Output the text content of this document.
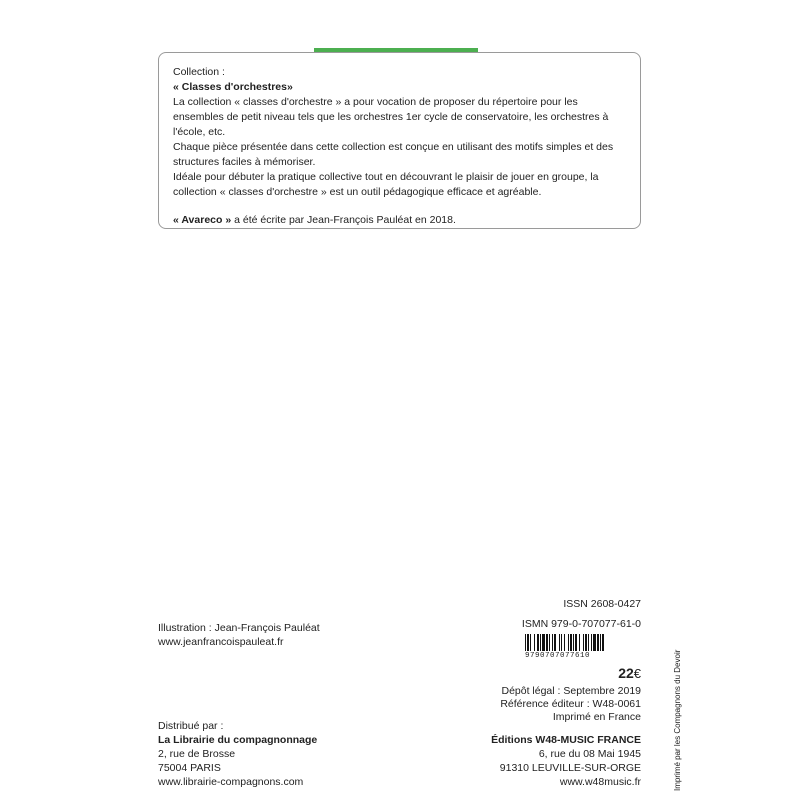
Collection :

« Classes d'orchestres»

La collection « classes d'orchestre » a pour vocation de proposer du répertoire pour les ensembles de petit niveau tels que les orchestres 1er cycle de conservatoire, les orchestres à l'école, etc.

Chaque pièce présentée dans cette collection est conçue en utilisant des motifs simples et des structures faciles à mémoriser.

Idéale pour débuter la pratique collective tout en découvrant le plaisir de jouer en groupe, la collection « classes d'orchestre » est un outil pédagogique efficace et agréable.

« Avareco » a été écrite par Jean-François Pauléat en 2018.

Illustration : Jean-François Pauléat
www.jeanfrancoispauleat.fr
Distribué par :
La Librairie du compagnonnage
2, rue de Brosse
75004 PARIS
www.librairie-compagnons.com
ISSN 2608-0427
ISMN 979-0-707077-61-0
9790707077610
22€
Dépôt légal : Septembre 2019
Référence éditeur : W48-0061
Imprimé en France
Éditions W48-MUSIC FRANCE
6, rue du 08 Mai 1945
91310 LEUVILLE-SUR-ORGE
www.w48music.fr	Imprimé par les Compagnons du Devoir
